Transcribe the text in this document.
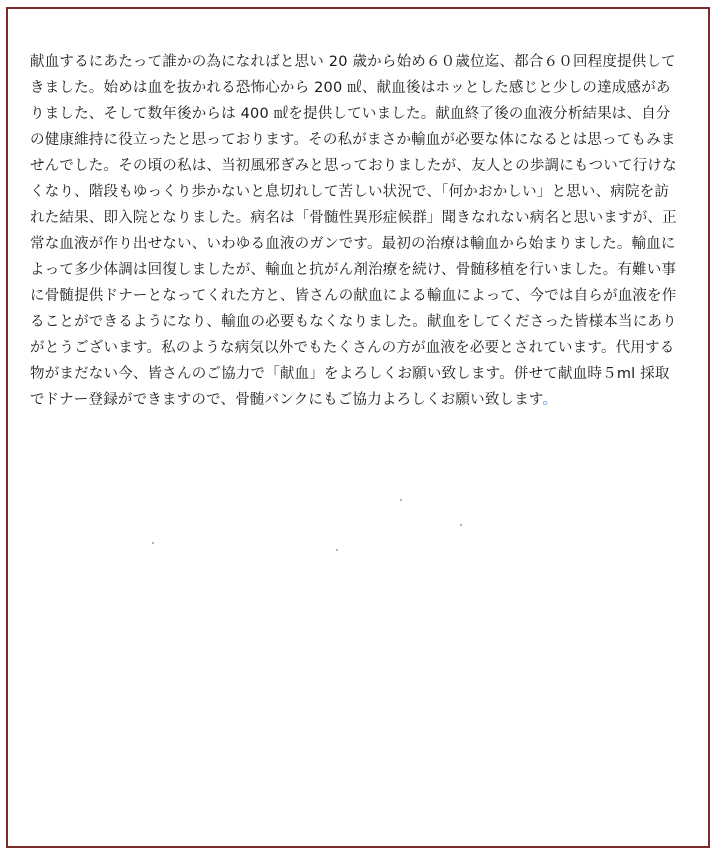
献血するにあたって誰かの為になればと思い 20 歳から始め６０歳位迄、都合６０回程度提供して
きました。始めは血を抜かれる恐怖心から 200 ㎖、献血後はホッとした感じと少しの達成感があ
りました、そして数年後からは 400 ㎖を提供していました。献血終了後の血液分析結果は、自分
の健康維持に役立ったと思っております。その私がまさか輸血が必要な体になるとは思ってもみま
せんでした。その頃の私は、当初風邪ぎみと思っておりましたが、友人との歩調にもついて行けな
くなり、階段もゆっくり歩かないと息切れして苦しい状況で、「何かおかしい」と思い、病院を訪
れた結果、即入院となりました。病名は「骨髄性異形症候群」聞きなれない病名と思いますが、正
常な血液が作り出せない、いわゆる血液のガンです。最初の治療は輸血から始まりました。輸血に
よって多少体調は回復しましたが、輸血と抗がん剤治療を続け、骨髄移植を行いました。有難い事
に骨髄提供ドナーとなってくれた方と、皆さんの献血による輸血によって、今では自らが血液を作
ることができるようになり、輸血の必要もなくなりました。献血をしてくださった皆様本当にあり
がとうございます。私のような病気以外でもたくさんの方が血液を必要とされています。代用する
物がまだない今、皆さんのご協力で「献血」をよろしくお願い致します。併せて献血時５ml 採取
でドナー登録ができますので、骨髄バンクにもご協力よろしくお願い致します。
